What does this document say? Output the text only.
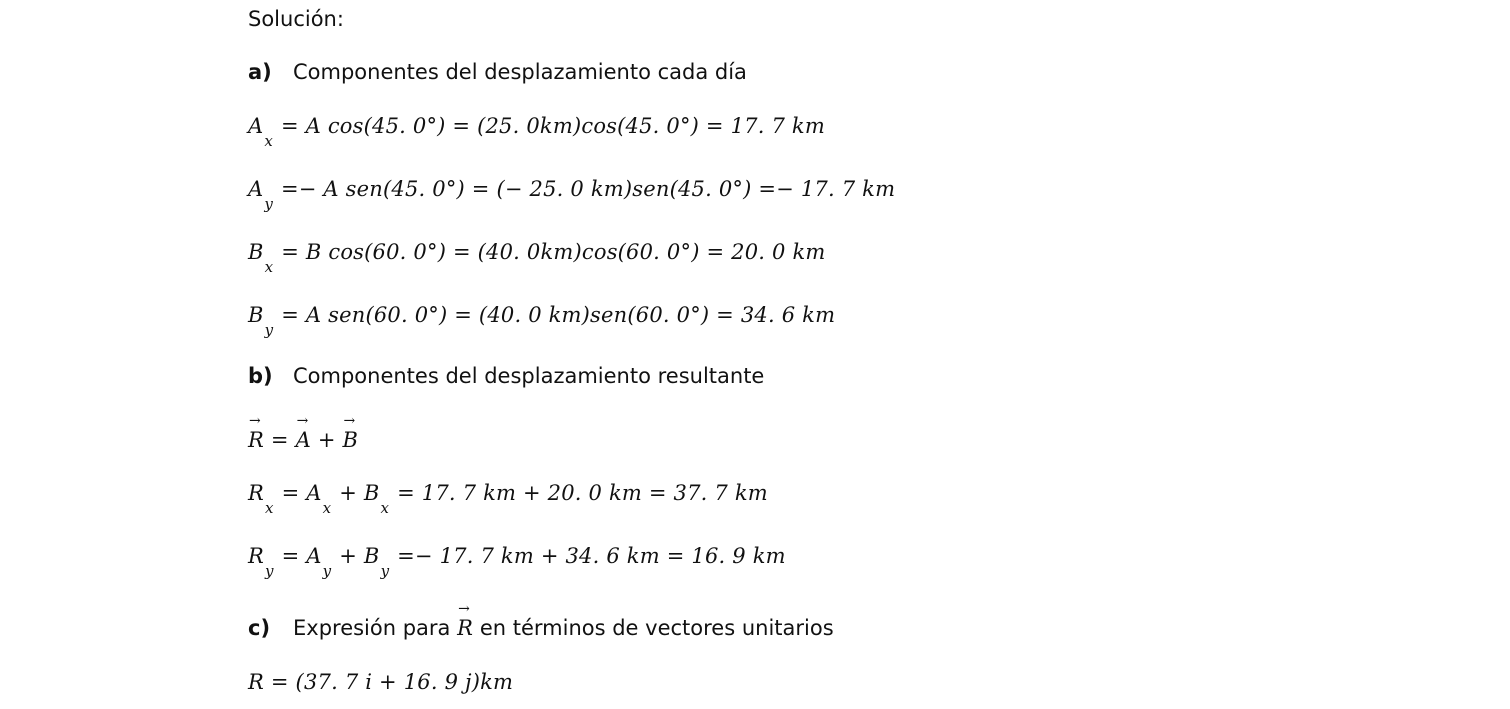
Solución:
a) Componentes del desplazamiento cada día
$A_x = A$ cos(45. 0°) = (25. 0km)cos(45. 0°) = 17. 7 km
$A_y =- A$ sen(45. 0°) = (− 25. 0 km)sen(45. 0°) =− 17. 7 km
$B_x = B$ cos(60. 0°) = (40. 0km)cos(60. 0°) = 20. 0 km
$B_y = A$ sen(60. 0°) = (40. 0 km)sen(60. 0°) = 34. 6 km
b) Componentes del desplazamiento resultante
→ R = → A + → B
$R_x = A_x + B_x = 17$. 7 km + 20. 0 km = 37. 7 km
$R_y = A_y + B_y =- 17$. 7 km + 34. 6 km = 16. 9 km
c) Expresión para → R en términos de vectores unitarios
R = (37. 7 i + 16. 9 j)km
